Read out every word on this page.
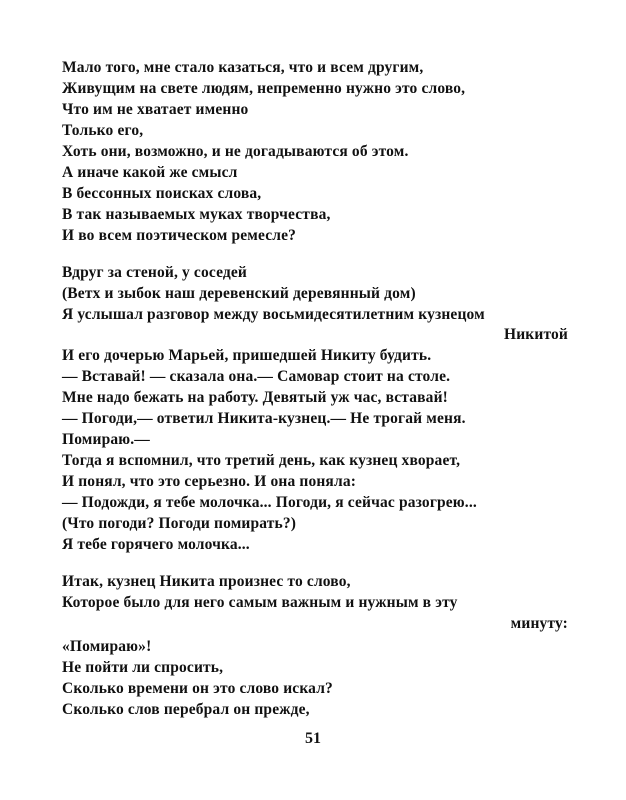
Мало того, мне стало казаться, что и всем другим,
Живущим на свете людям, непременно нужно это слово,
Что им не хватает именно
Только его,
Хоть они, возможно, и не догадываются об этом.
А иначе какой же смысл
В бессонных поисках слова,
В так называемых муках творчества,
И во всем поэтическом ремесле?
Вдруг за стеной, у соседей
(Ветх и зыбок наш деревенский деревянный дом)
Я услышал разговор между восьмидесятилетним кузнецом
Никитой
И его дочерью Марьей, пришедшей Никиту будить.
— Вставай! — сказала она.— Самовар стоит на столе.
Мне надо бежать на работу. Девятый уж час, вставай!
— Погоди,— ответил Никита-кузнец.— Не трогай меня.
Помираю.—
Тогда я вспомнил, что третий день, как кузнец хворает,
И понял, что это серьезно. И она поняла:
— Подожди, я тебе молочка... Погоди, я сейчас разогрею...
(Что погоди? Погоди помирать?)
Я тебе горячего молочка...
Итак, кузнец Никита произнес то слово,
Которое было для него самым важным и нужным в эту
минуту:
«Помираю»!
Не пойти ли спросить,
Сколько времени он это слово искал?
Сколько слов перебрал он прежде,
51
